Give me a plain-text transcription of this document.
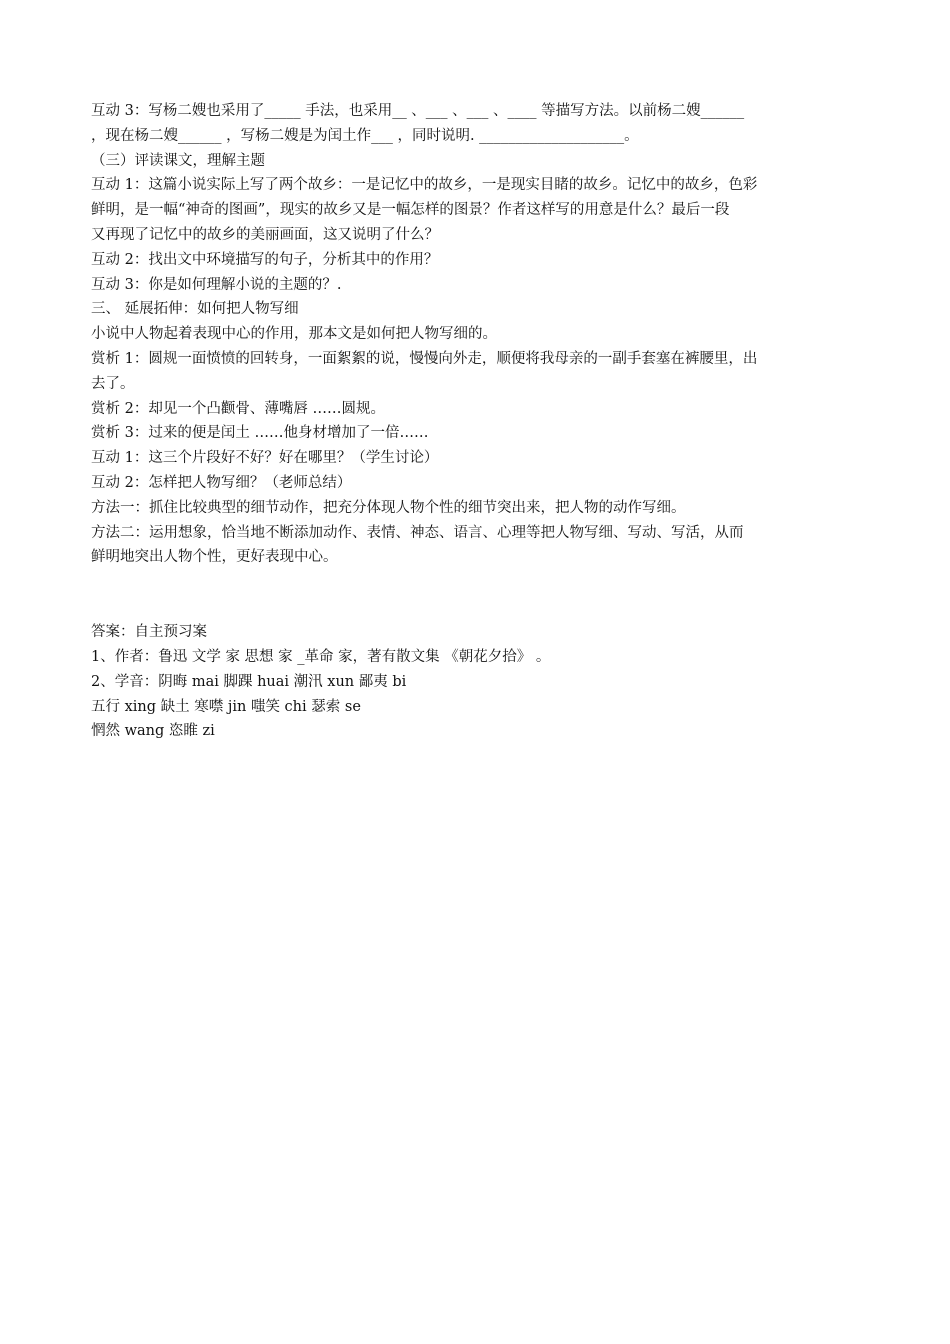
互动 3：写杨二嫂也采用了_____ 手法，也采用__ 、___ 、___ 、____ 等描写方法。以前杨二嫂______
，现在杨二嫂______ ，写杨二嫂是为闰土作___ ，同时说明. ____________________。
（三）评读课文，理解主题
互动 1：这篇小说实际上写了两个故乡：一是记忆中的故乡，一是现实目睹的故乡。记忆中的故乡，色彩
鲜明，是一幅“神奇的图画”，现实的故乡又是一幅怎样的图景？作者这样写的用意是什么？最后一段
又再现了记忆中的故乡的美丽画面，这又说明了什么？
互动 2：找出文中环境描写的句子，分析其中的作用？
互动 3：你是如何理解小说的主题的？.
三、 延展拓伸：如何把人物写细
小说中人物起着表现中心的作用，那本文是如何把人物写细的。
赏析 1：圆规一面愤愤的回转身，一面絮絮的说，慢慢向外走，顺便将我母亲的一副手套塞在裤腰里，出
去了。
赏析 2：却见一个凸颧骨、薄嘴唇 ……圆规。
赏析 3：过来的便是闰土 ……他身材增加了一倍……
互动 1：这三个片段好不好？好在哪里？（学生讨论）
互动 2：怎样把人物写细？（老师总结）
方法一：抓住比较典型的细节动作，把充分体现人物个性的细节突出来，把人物的动作写细。
方法二：运用想象，恰当地不断添加动作、表情、神态、语言、心理等把人物写细、写动、写活，从而
鲜明地突出人物个性，更好表现中心。
答案：自主预习案
1、作者：鲁迅 文学 家 思想 家 _革命 家，著有散文集 《朝花夕拾》 。
2、学音：阴晦 mai 脚踝 huai 潮汛 xun 鄙夷 bi
五行 xing 缺土 寒噤 jin 嗤笑 chi 瑟索 se
惘然 wang 恣睢 zi
